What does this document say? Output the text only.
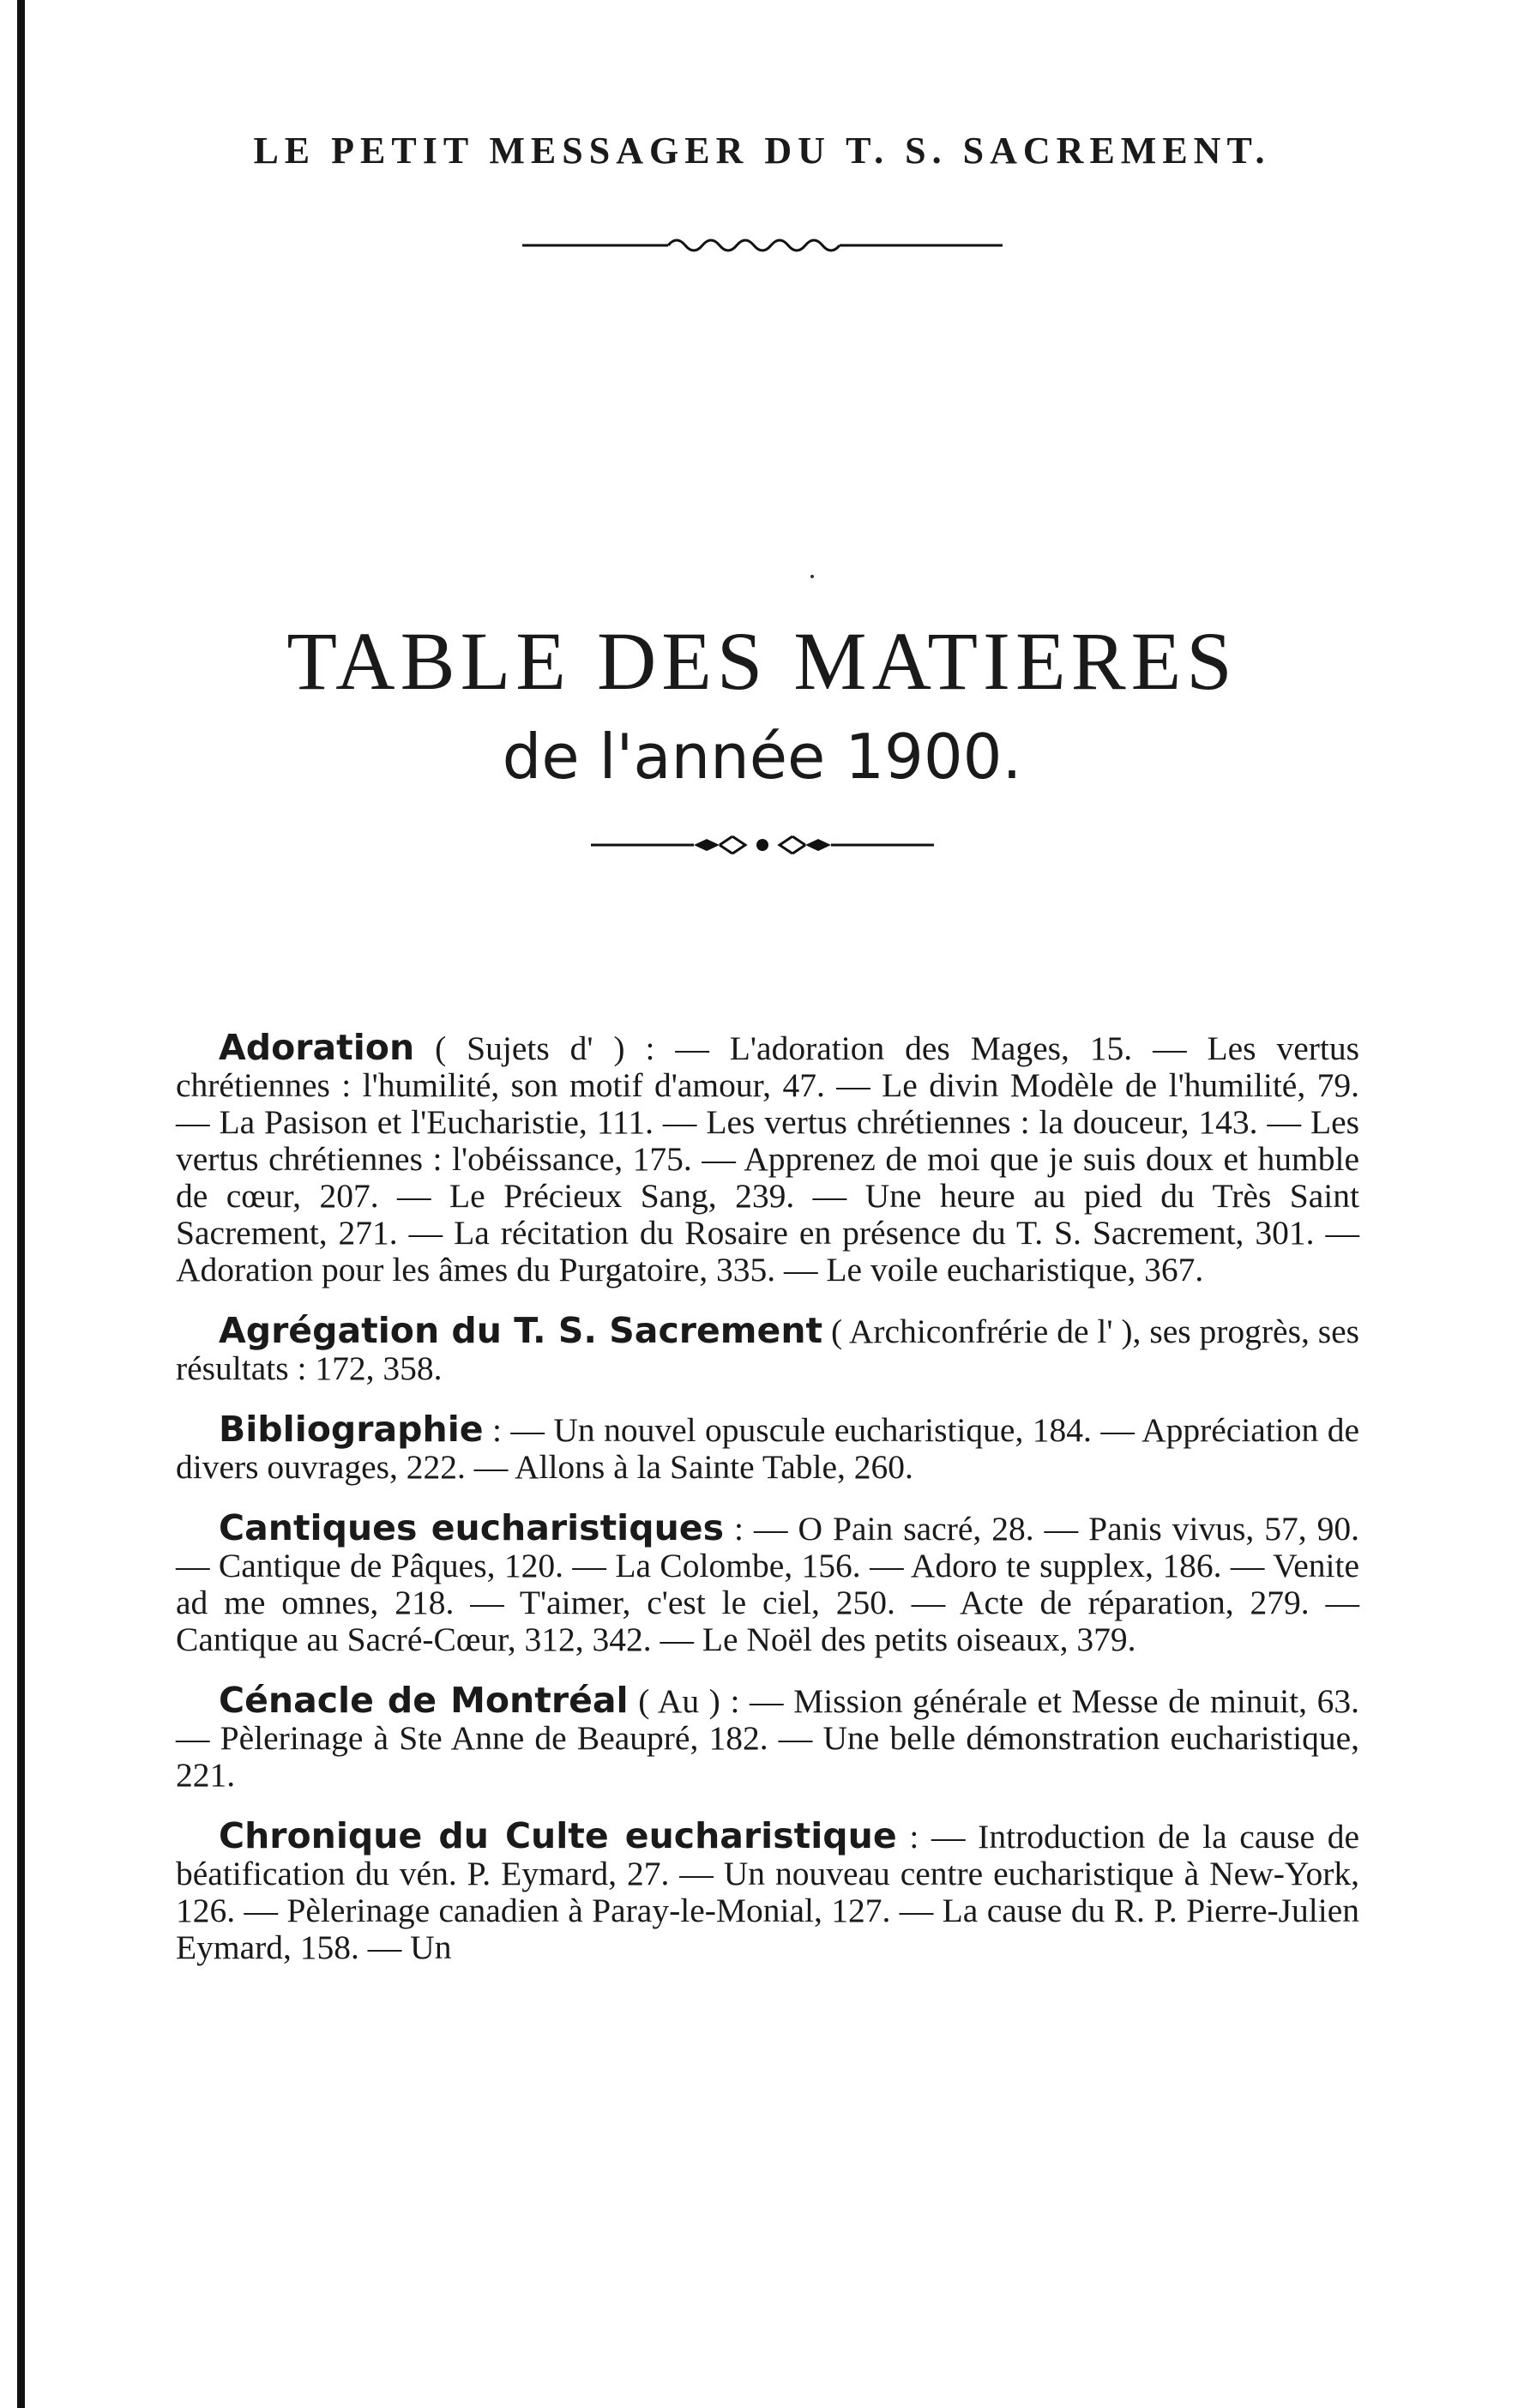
LE PETIT MESSAGER DU T. S. SACREMENT.
TABLE DES MATIERES
de l'année 1900.

Adoration ( Sujets d' ) : — L'adoration des Mages, 15. — Les vertus chrétiennes : l'humilité, son motif d'amour, 47. — Le divin Modèle de l'humilité, 79. — La Pasison et l'Eucharistie, 111. — Les vertus chrétiennes : la douceur, 143. — Les vertus chrétiennes : l'obéissance, 175. — Apprenez de moi que je suis doux et humble de cœur, 207. — Le Précieux Sang, 239. — Une heure au pied du Très Saint Sacrement, 271. — La récitation du Rosaire en présence du T. S. Sacrement, 301. — Adoration pour les âmes du Purgatoire, 335. — Le voile eucharistique, 367.

Agrégation du T. S. Sacrement ( Archiconfrérie de l' ), ses progrès, ses résultats : 172, 358.

Bibliographie : — Un nouvel opuscule eucharistique, 184. — Appréciation de divers ouvrages, 222. — Allons à la Sainte Table, 260.

Cantiques eucharistiques : — O Pain sacré, 28. — Panis vivus, 57, 90. — Cantique de Pâques, 120. — La Colombe, 156. — Adoro te supplex, 186. — Venite ad me omnes, 218. — T'aimer, c'est le ciel, 250. — Acte de réparation, 279. — Cantique au Sacré-Cœur, 312, 342. — Le Noël des petits oiseaux, 379.

Cénacle de Montréal ( Au ) : — Mission générale et Messe de minuit, 63. — Pèlerinage à Ste Anne de Beaupré, 182. — Une belle démonstration eucharistique, 221.

Chronique du Culte eucharistique : — Introduction de la cause de béatification du vén. P. Eymard, 27. — Un nouveau centre eucharistique à New-York, 126. — Pèlerinage canadien à Paray-le-Monial, 127. — La cause du R. P. Pierre-Julien Eymard, 158. — Un
